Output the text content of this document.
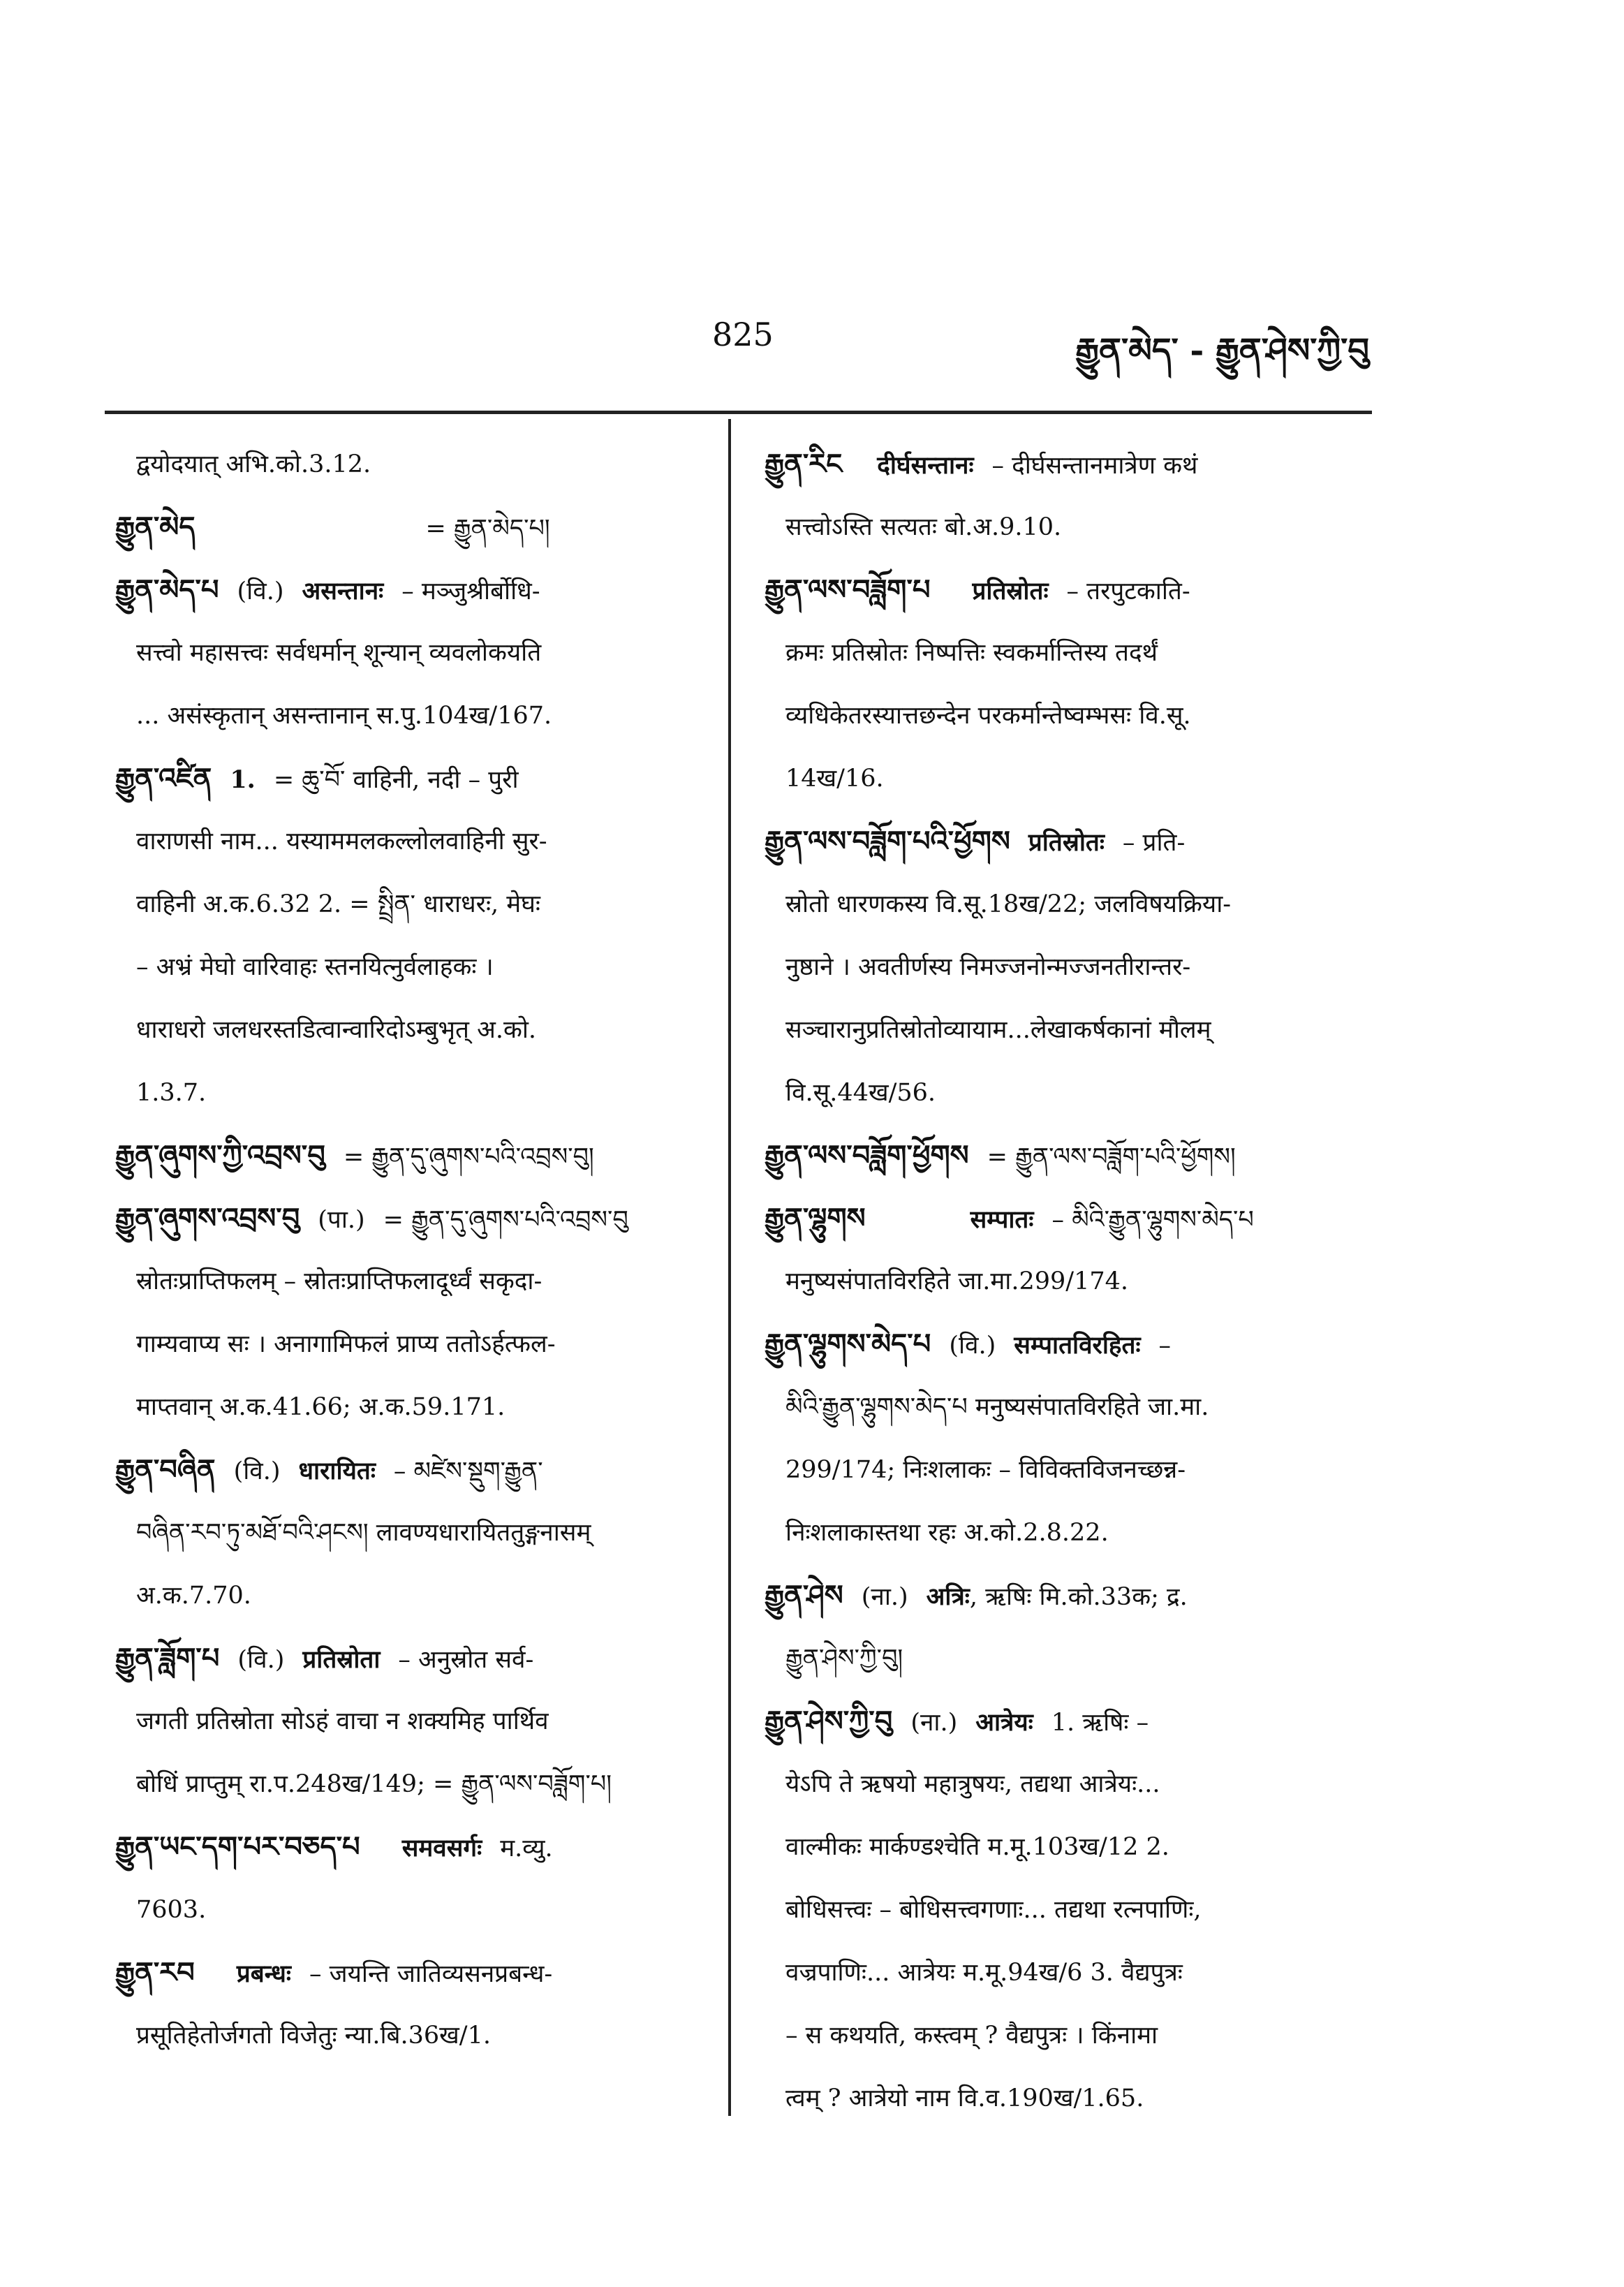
825	རྒྱུན་མེད་ - རྒྱུན་ཤེས་ཀྱི་བུ
द्वयोदयात् अभि.को.3.12.
རྒྱུན་མེད	= རྒྱུན་མེད་པ།
རྒྱུན་མེད་པ (वि.) असन्तानः – मञ्जुश्रीर्बोधि-
सत्त्वो महासत्त्वः सर्वधर्मान् शून्यान् व्यवलोकयति
... असंस्कृतान् असन्तानान् स.पु.104ख/167.
རྒྱུན་འཛིན 1. = ཆུ་བོ་ वाहिनी, नदी – पुरी
वाराणसी नाम... यस्याममलकल्लोलवाहिनी सुर-
वाहिनी अ.क.6.32 2. = སྤྲིན་ धाराधरः, मेघः
– अभ्रं मेघो वारिवाहः स्तनयित्नुर्वलाहकः ।
धाराधरो जलधरस्तडित्वान्वारिदोऽम्बुभृत् अ.को.
1.3.7.
རྒྱུན་ཞུགས་ཀྱི་འབྲས་བུ = རྒྱུན་དུ་ཞུགས་པའི་འབྲས་བུ།
རྒྱུན་ཞུགས་འབྲས་བུ (पा.) = རྒྱུན་དུ་ཞུགས་པའི་འབྲས་བུ
स्रोतःप्राप्तिफलम् – स्रोतःप्राप्तिफलादूर्ध्वं सकृदा-
गाम्यवाप्य सः । अनागामिफलं प्राप्य ततोऽर्हत्फल-
माप्तवान् अ.क.41.66; अ.क.59.171.
རྒྱུན་བཞིན (वि.) धारायितः – མཛེས་སྡུག་རྒྱུན་
བཞིན་རབ་ཏུ་མཐོ་བའི་ཤངས། लावण्यधारायिततुङ्गनासम्
अ.क.7.70.
རྒྱུན་ཟློག་པ (वि.) प्रतिस्रोता – अनुस्रोत सर्व-
जगती प्रतिस्रोता सोऽहं वाचा न शक्यमिह पार्थिव
बोधिं प्राप्तुम् रा.प.248ख/149; = རྒྱུན་ལས་བཟློག་པ།
རྒྱུན་ཡང་དག་པར་བཅད་པ समवसर्गः म.व्यु.
7603.
རྒྱུན་རབ प्रबन्धः – जयन्ति जातिव्यसनप्रबन्ध-
प्रसूतिहेतोर्जगतो विजेतुः न्या.बि.36ख/1.
རྒྱུན་རིང दीर्घसन्तानः – दीर्घसन्तानमात्रेण कथं
सत्त्वोऽस्ति सत्यतः बो.अ.9.10.
རྒྱུན་ལས་བཟློག་པ प्रतिस्रोतः – तरपुटकाति-
क्रमः प्रतिस्रोतः निष्पत्तिः स्वकर्मान्तिस्य तदर्थं
व्यधिकेतरस्यात्तछन्देन परकर्मान्तेष्वम्भसः वि.सू.
14ख/16.
རྒྱུན་ལས་བཟློག་པའི་ཕྱོགས प्रतिस्रोतः – प्रति-
स्रोतो धारणकस्य वि.सू.18ख/22; जलविषयक्रिया-
नुष्ठाने । अवतीर्णस्य निमज्जनोन्मज्जनतीरान्तर-
सञ्चारानुप्रतिस्रोतोव्यायाम...लेखाकर्षकानां मौलम्
वि.सू.44ख/56.
རྒྱུན་ལས་བཟློག་ཕྱོགས = རྒྱུན་ལས་བཟློག་པའི་ཕྱོགས།
རྒྱུན་ལྷུགས	सम्पातः – མིའི་རྒྱུན་ལྷུགས་མེད་པ
मनुष्यसंपातविरहिते जा.मा.299/174.
རྒྱུན་ལྷུགས་མེད་པ (वि.) सम्पातविरहितः –
མིའི་རྒྱུན་ལྷུགས་མེད་པ मनुष्यसंपातविरहिते जा.मा.
299/174; निःशलाकः – विविक्तविजनच्छन्न-
निःशलाकास्तथा रहः अ.को.2.8.22.
རྒྱུན་ཤེས (ना.) अत्रिः, ऋषिः मि.को.33क; द्र.
རྒྱུན་ཤེས་ཀྱི་བུ།
རྒྱུན་ཤེས་ཀྱི་བུ (ना.) आत्रेयः 1. ऋषिः –
येऽपि ते ऋषयो महात्रुषयः, तद्यथा आत्रेयः...
वाल्मीकः मार्कण्डश्चेति म.मू.103ख/12 2.
बोधिसत्त्वः – बोधिसत्त्वगणाः... तद्यथा रत्नपाणिः,
वज्रपाणिः... आत्रेयः म.मू.94ख/6 3. वैद्यपुत्रः
– स कथयति, कस्त्वम् ? वैद्यपुत्रः । किंनामा
त्वम् ? आत्रेयो नाम वि.व.190ख/1.65.
